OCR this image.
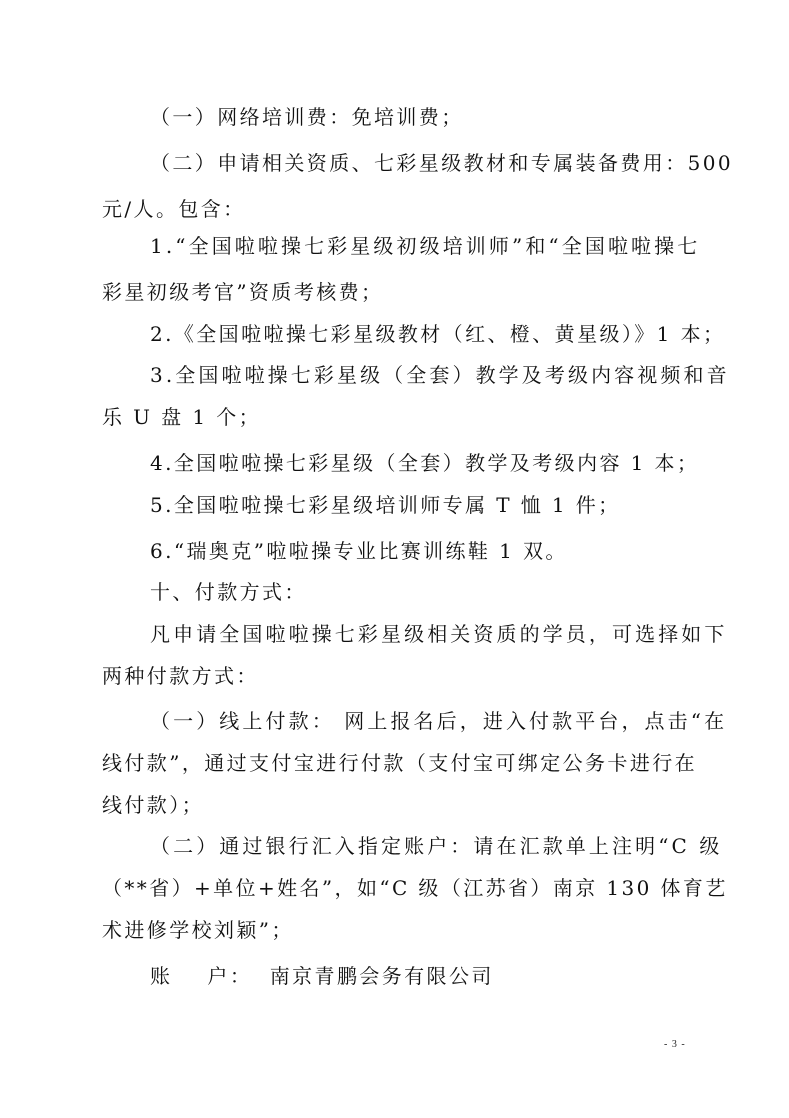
（一）网络培训费：免培训费；
（二）申请相关资质、七彩星级教材和专属装备费用：500
元/人。包含：
1.“全国啦啦操七彩星级初级培训师”和“全国啦啦操七
彩星初级考官”资质考核费；
2.《全国啦啦操七彩星级教材（红、橙、黄星级）》1 本；
3.全国啦啦操七彩星级（全套）教学及考级内容视频和音
乐 U 盘 1 个；
4.全国啦啦操七彩星级（全套）教学及考级内容 1 本；
5.全国啦啦操七彩星级培训师专属 T 恤 1 件；
6.“瑞奥克”啦啦操专业比赛训练鞋 1 双。
十、付款方式：
凡申请全国啦啦操七彩星级相关资质的学员，可选择如下
两种付款方式：
（一）线上付款： 网上报名后，进入付款平台，点击“在
线付款”，通过支付宝进行付款（支付宝可绑定公务卡进行在
线付款）；
（二）通过银行汇入指定账户：请在汇款单上注明“C 级
（**省）+单位+姓名”，如“C 级（江苏省）南京 130 体育艺
术进修学校刘颖”；
账    户：  南京青鹏会务有限公司
- 3 -
